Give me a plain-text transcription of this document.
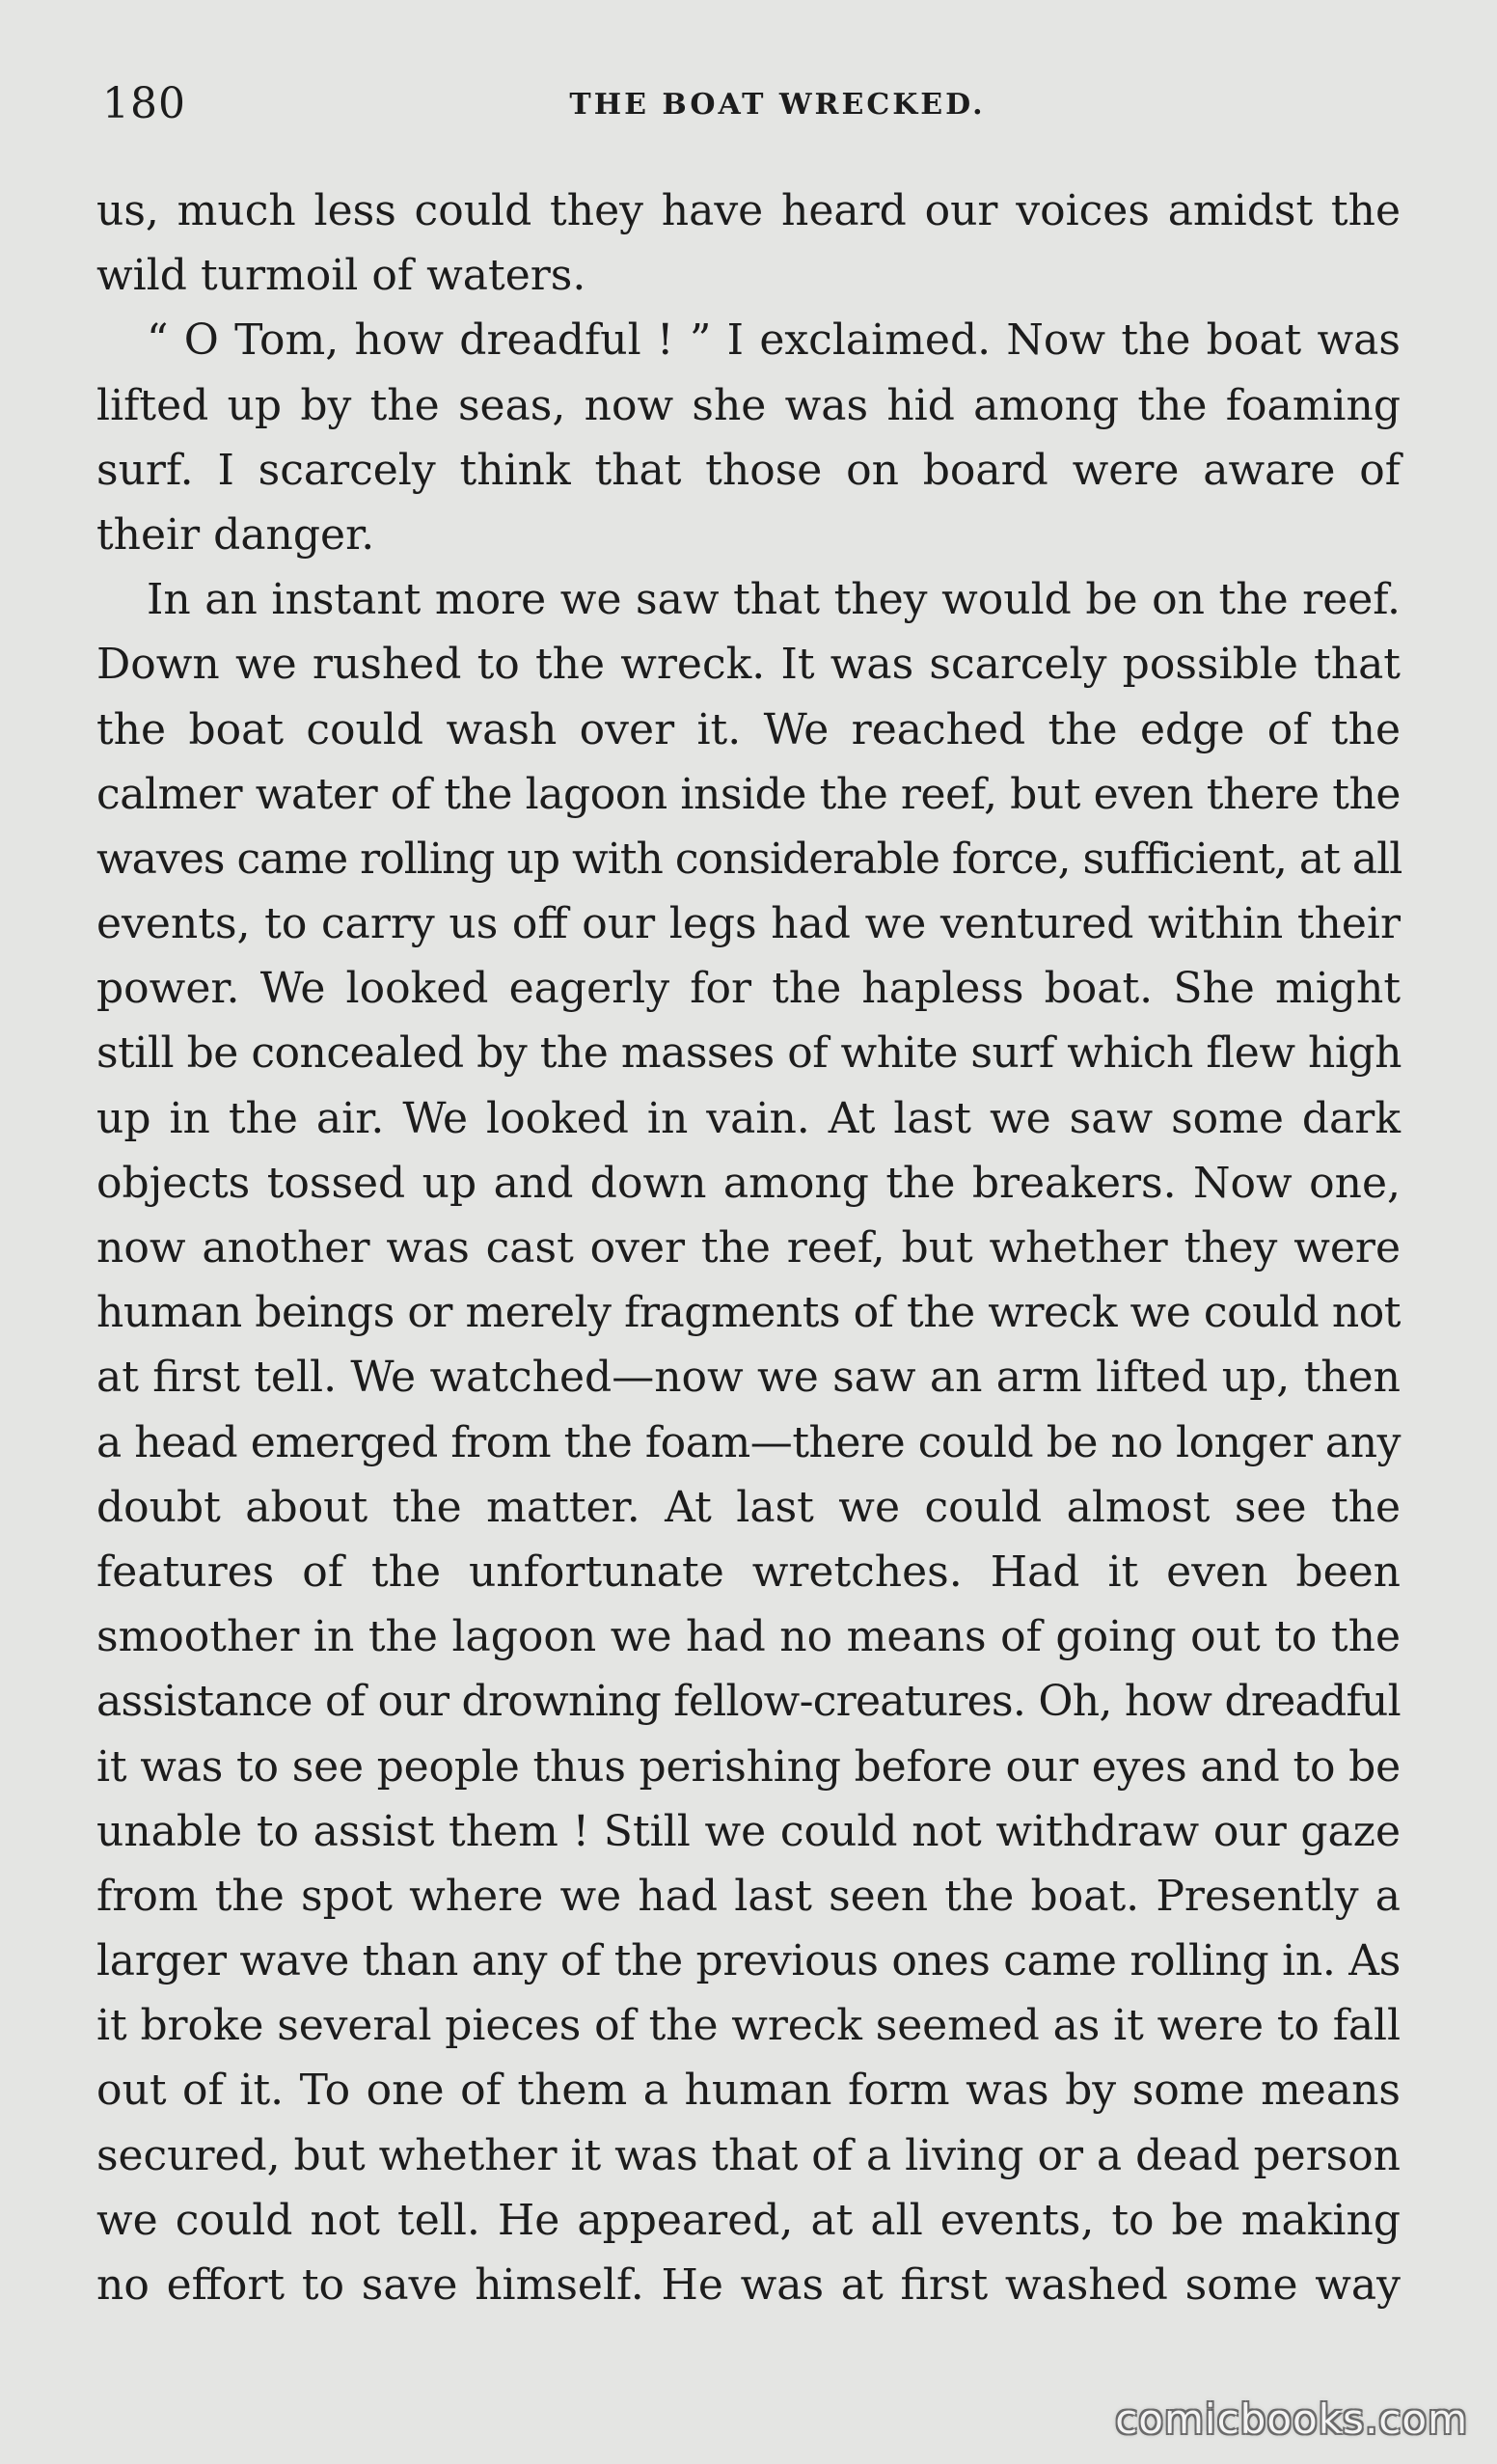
180	THE BOAT WRECKED.
us, much less could they have heard our voices amidst the
wild turmoil of waters.
“ O Tom, how dreadful ! ” I exclaimed. Now the boat was
lifted up by the seas, now she was hid among the foaming
surf. I scarcely think that those on board were aware of
their danger.
In an instant more we saw that they would be on the reef.
Down we rushed to the wreck. It was scarcely possible that
the boat could wash over it. We reached the edge of the
calmer water of the lagoon inside the reef, but even there the
waves came rolling up with considerable force, sufficient, at all
events, to carry us off our legs had we ventured within their
power. We looked eagerly for the hapless boat. She might
still be concealed by the masses of white surf which flew high
up in the air. We looked in vain. At last we saw some dark
objects tossed up and down among the breakers. Now one,
now another was cast over the reef, but whether they were
human beings or merely fragments of the wreck we could not
at first tell. We watched—now we saw an arm lifted up, then
a head emerged from the foam—there could be no longer any
doubt about the matter. At last we could almost see the
features of the unfortunate wretches. Had it even been
smoother in the lagoon we had no means of going out to the
assistance of our drowning fellow-creatures. Oh, how dreadful
it was to see people thus perishing before our eyes and to be
unable to assist them ! Still we could not withdraw our gaze
from the spot where we had last seen the boat. Presently a
larger wave than any of the previous ones came rolling in. As
it broke several pieces of the wreck seemed as it were to fall
out of it. To one of them a human form was by some means
secured, but whether it was that of a living or a dead person
we could not tell. He appeared, at all events, to be making
no effort to save himself. He was at first washed some way
comicbooks.com
